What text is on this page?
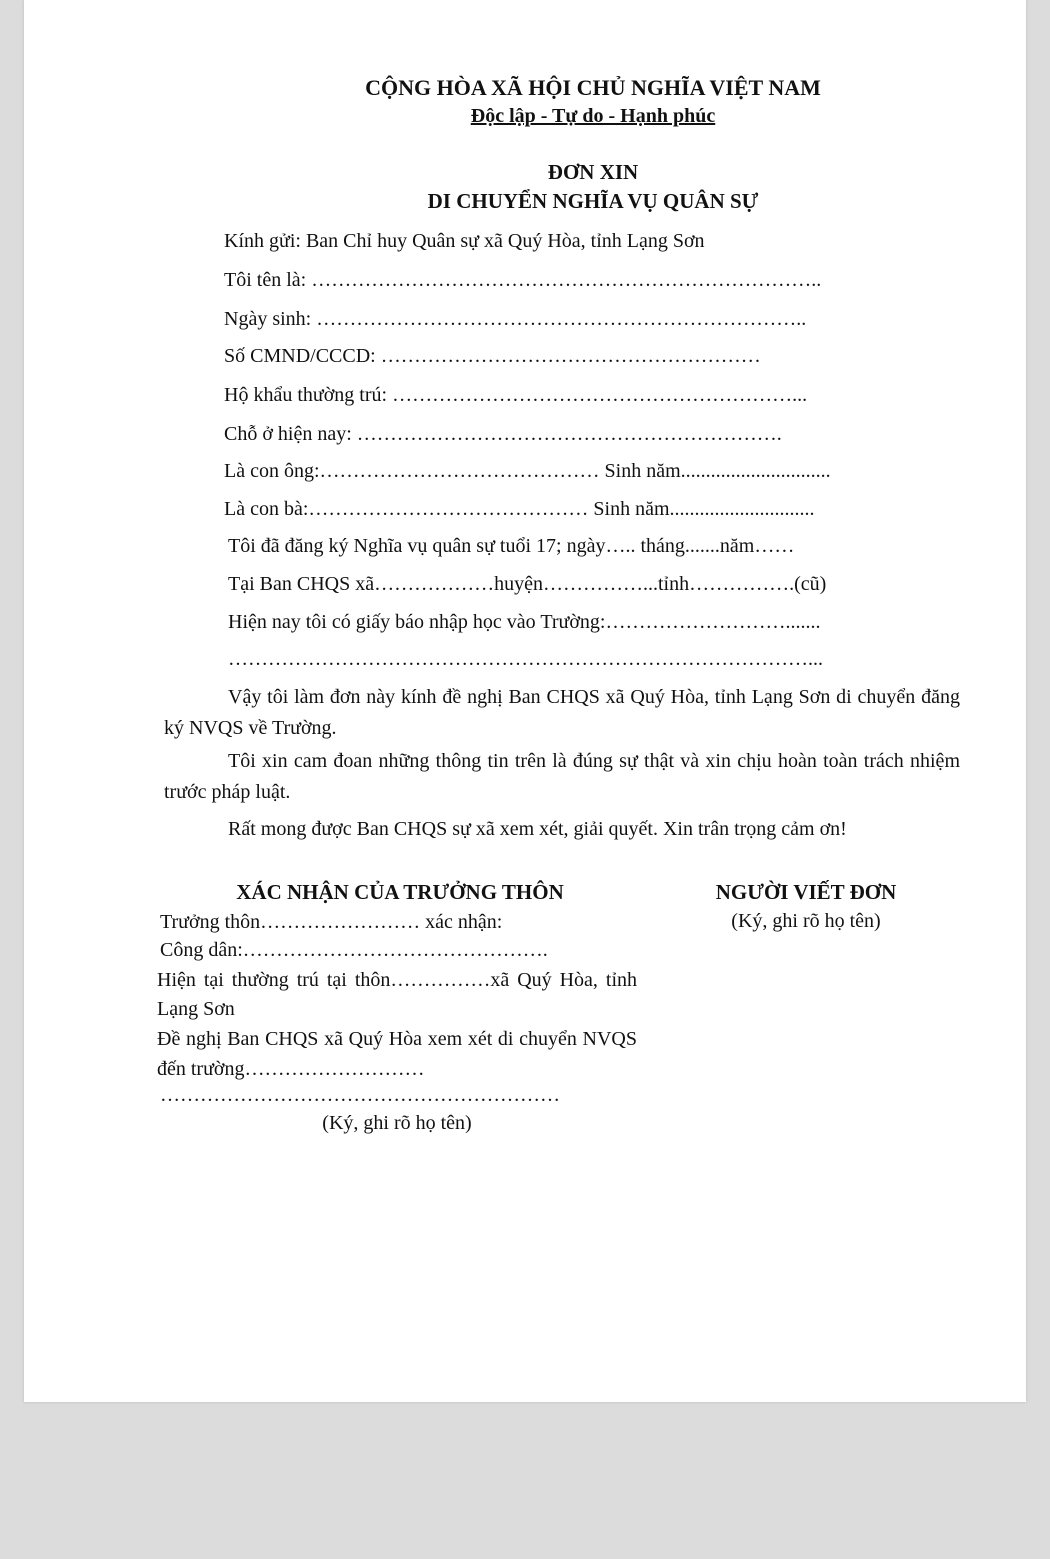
CỘNG HÒA XÃ HỘI CHỦ NGHĨA VIỆT NAM
Độc lập - Tự do - Hạnh phúc
ĐƠN XIN
DI CHUYỂN NGHĨA VỤ QUÂN SỰ
Kính gửi: Ban Chỉ huy Quân sự xã Quý Hòa, tỉnh Lạng Sơn
Tôi tên là: …………………………………………………………………..
Ngày sinh: ………………………………………………………………..
Số CMND/CCCD: …………………………………………………
Hộ khẩu thường trú: ……………………………………………………...
Chỗ ở hiện nay: ……………………………………………………….
Là con ông:…………………………………… Sinh năm..............................
Là con bà:…………………………………… Sinh năm.............................
Tôi đã đăng ký Nghĩa vụ quân sự tuổi 17; ngày….. tháng.......năm……
Tại Ban CHQS xã………………huyện……………...tỉnh…………….(cũ)
Hiện nay tôi có giấy báo nhập học vào Trường:……………………….......
……………………………………………………………………………...
Vậy tôi làm đơn này kính đề nghị Ban CHQS xã Quý Hòa, tỉnh Lạng Sơn di chuyển đăng ký NVQS về Trường.
Tôi xin cam đoan những thông tin trên là đúng sự thật và xin chịu hoàn toàn trách nhiệm trước pháp luật.
Rất mong được Ban CHQS sự xã xem xét, giải quyết. Xin trân trọng cảm ơn!
XÁC NHẬN CỦA TRƯỞNG THÔN
Trưởng thôn…………………… xác nhận:
Công dân:……………………………………….
Hiện tại thường trú tại thôn……………xã Quý Hòa, tỉnh Lạng Sơn
Đề nghị Ban CHQS xã Quý Hòa xem xét di chuyển NVQS đến trường………………………
……………………………………………………
(Ký, ghi rõ họ tên)
NGƯỜI VIẾT ĐƠN
(Ký, ghi rõ họ tên)
